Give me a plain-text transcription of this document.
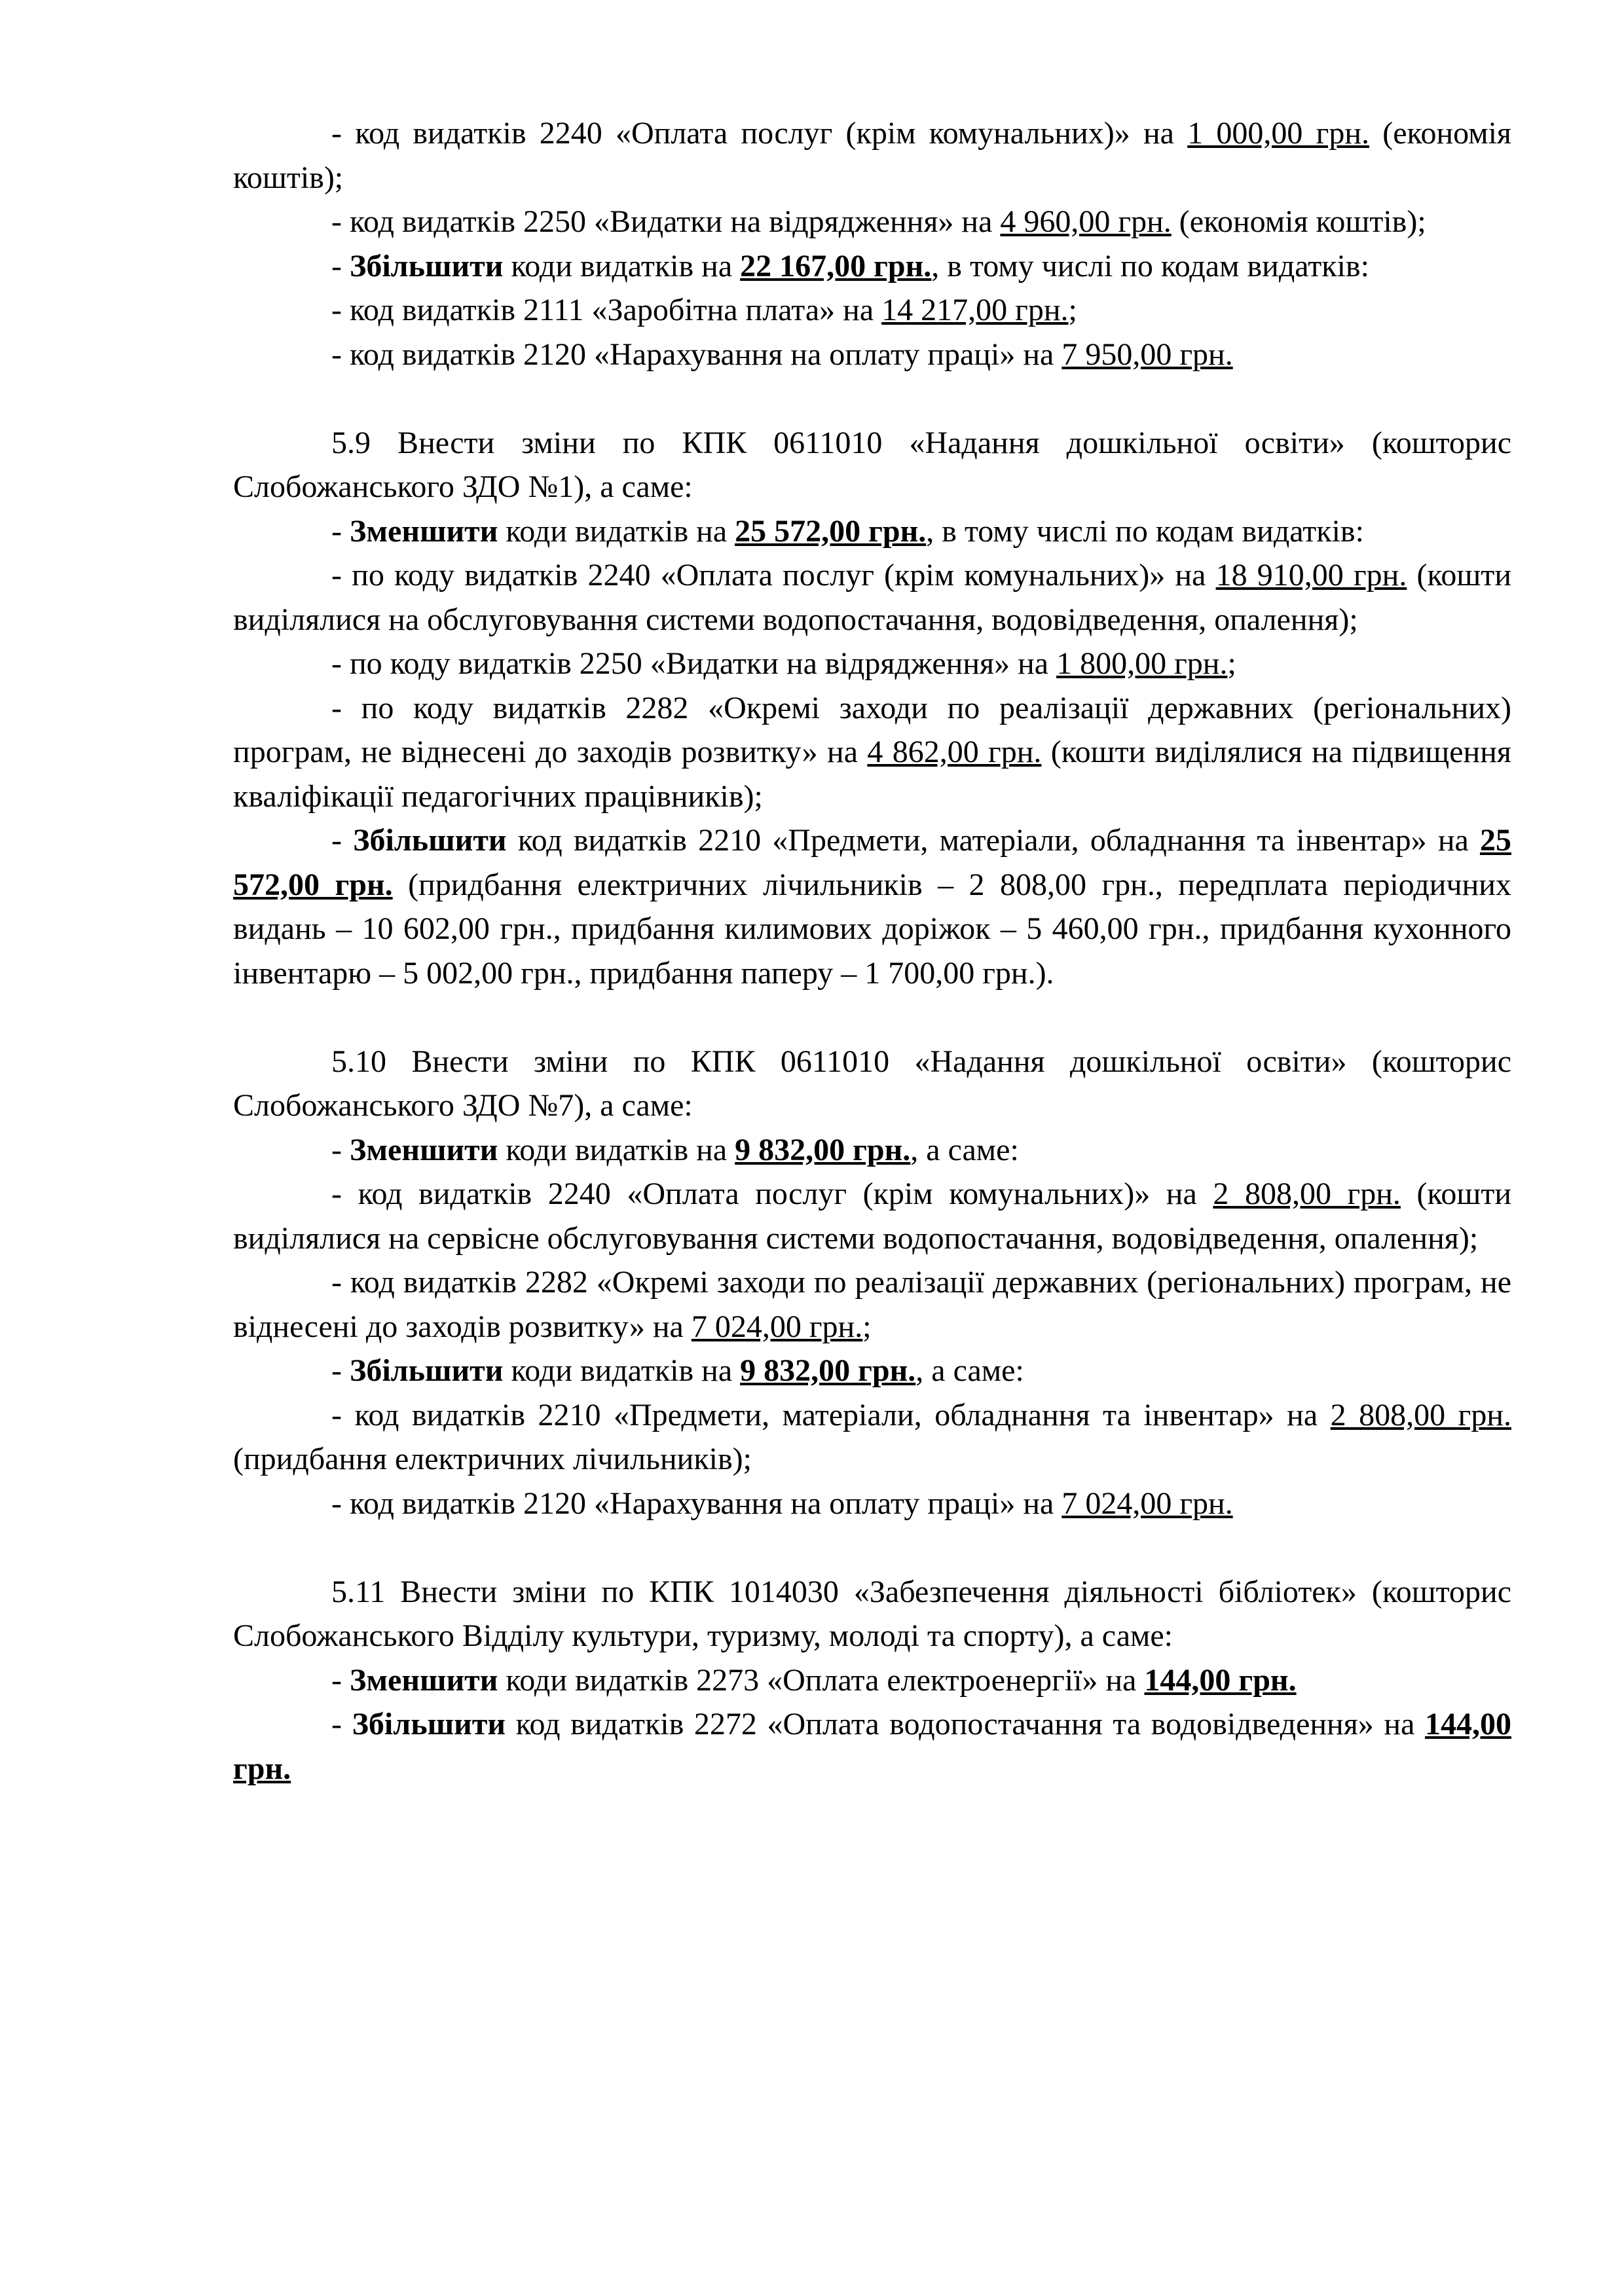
- код видатків 2240 «Оплата послуг (крім комунальних)» на 1 000,00 грн. (економія коштів);

- код видатків 2250 «Видатки на відрядження» на 4 960,00 грн. (економія коштів);

- Збільшити коди видатків на 22 167,00 грн., в тому числі по кодам видатків:

- код видатків 2111 «Заробітна плата» на 14 217,00 грн.;

- код видатків 2120 «Нарахування на оплату праці» на 7 950,00 грн.

5.9 Внести зміни по КПК 0611010 «Надання дошкільної освіти» (кошторис Слобожанського ЗДО №1), а саме:

- Зменшити коди видатків на 25 572,00 грн., в тому числі по кодам видатків:

- по коду видатків 2240 «Оплата послуг (крім комунальних)» на 18 910,00 грн. (кошти виділялися на обслуговування системи водопостачання, водовідведення, опалення);

- по коду видатків 2250 «Видатки на відрядження» на 1 800,00 грн.;

- по коду видатків 2282 «Окремі заходи по реалізації державних (регіональних) програм, не віднесені до заходів розвитку» на 4 862,00 грн. (кошти виділялися на підвищення кваліфікації педагогічних працівників);

- Збільшити код видатків 2210 «Предмети, матеріали, обладнання та інвентар» на 25 572,00 грн. (придбання електричних лічильників – 2 808,00 грн., передплата періодичних видань – 10 602,00 грн., придбання килимових доріжок – 5 460,00 грн., придбання кухонного інвентарю – 5 002,00 грн., придбання паперу – 1 700,00 грн.).

5.10 Внести зміни по КПК 0611010 «Надання дошкільної освіти» (кошторис Слобожанського ЗДО №7), а саме:

- Зменшити коди видатків на 9 832,00 грн., а саме:

- код видатків 2240 «Оплата послуг (крім комунальних)» на 2 808,00 грн. (кошти виділялися на сервісне обслуговування системи водопостачання, водовідведення, опалення);

- код видатків 2282 «Окремі заходи по реалізації державних (регіональних) програм, не віднесені до заходів розвитку» на 7 024,00 грн.;

- Збільшити коди видатків на 9 832,00 грн., а саме:

- код видатків 2210 «Предмети, матеріали, обладнання та інвентар» на 2 808,00 грн. (придбання електричних лічильників);

- код видатків 2120 «Нарахування на оплату праці» на 7 024,00 грн.

5.11 Внести зміни по КПК 1014030 «Забезпечення діяльності бібліотек» (кошторис Слобожанського Відділу культури, туризму, молоді та спорту), а саме:

- Зменшити коди видатків 2273 «Оплата електроенергії» на 144,00 грн.

- Збільшити код видатків 2272 «Оплата водопостачання та водовідведення» на 144,00 грн.
